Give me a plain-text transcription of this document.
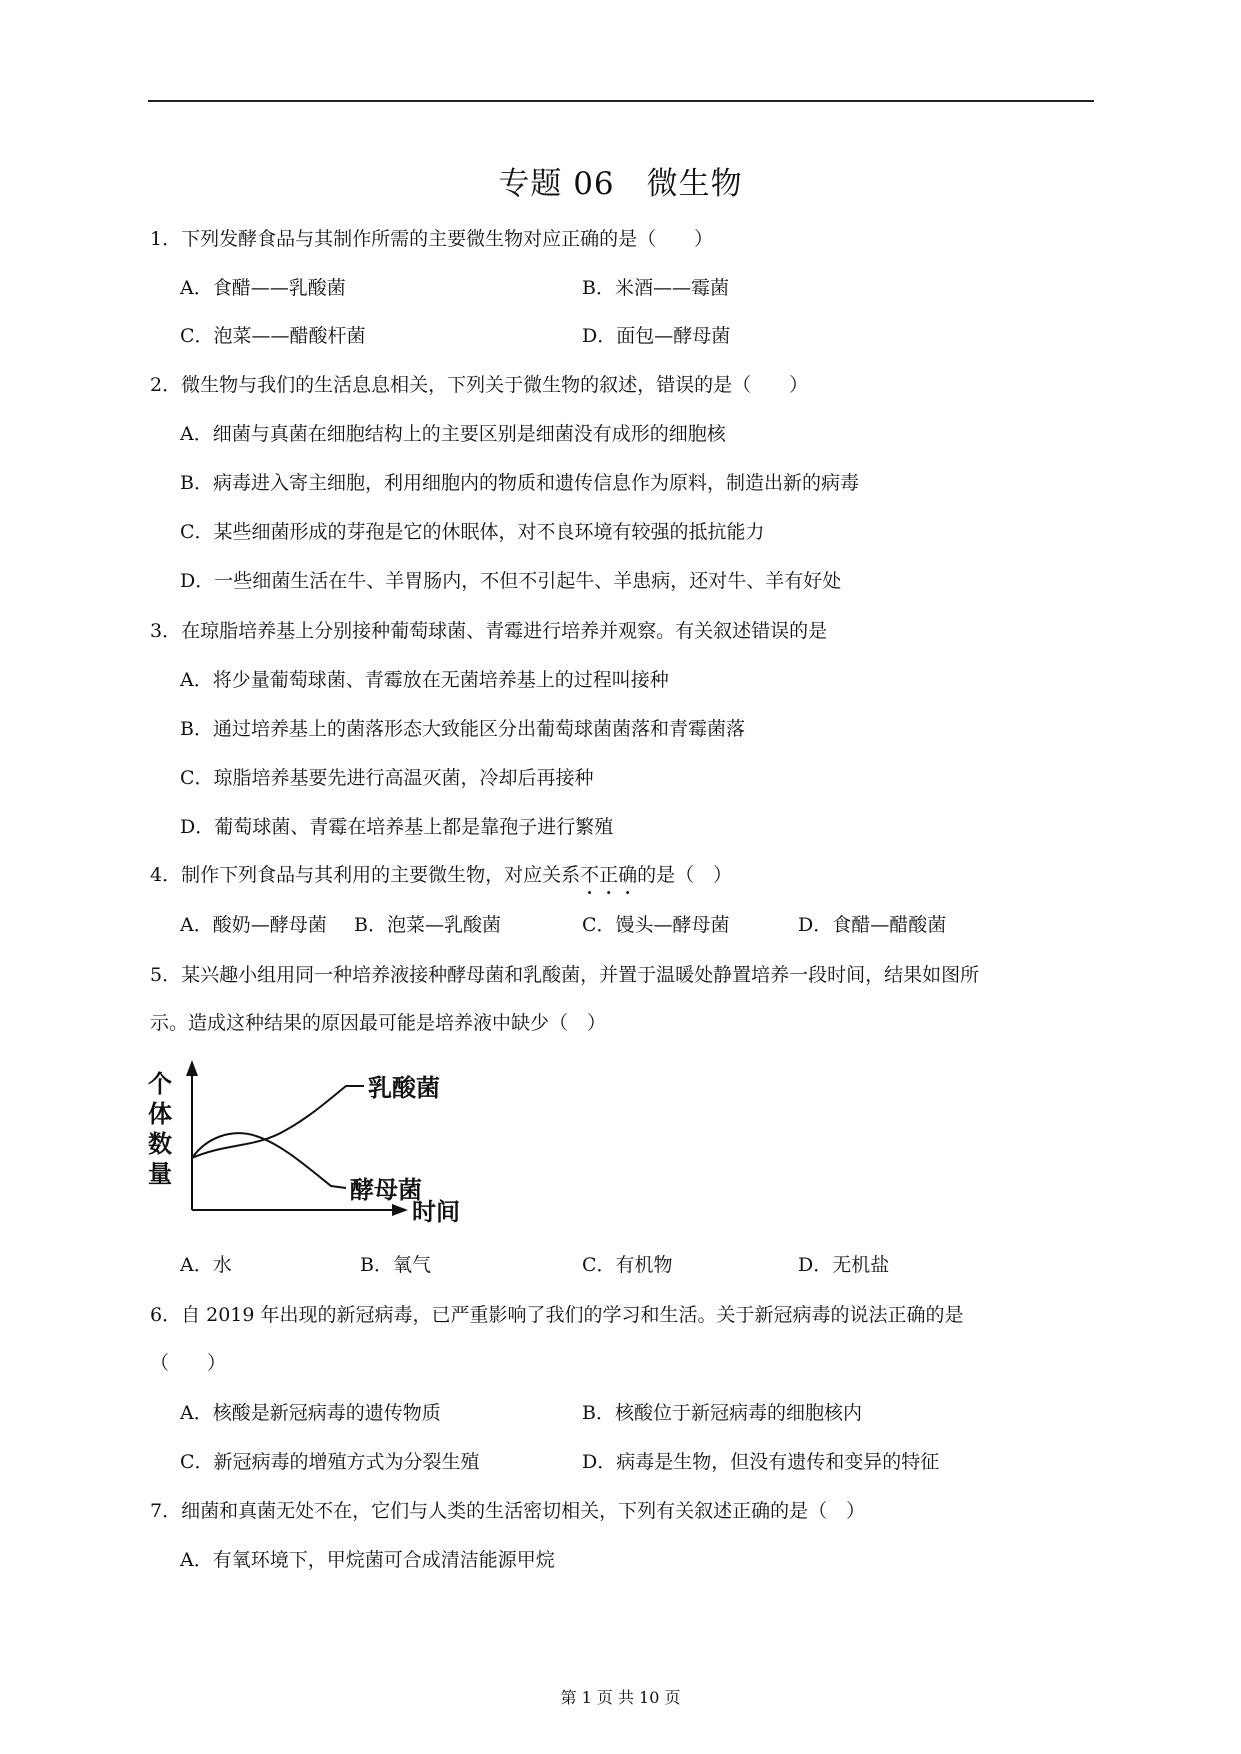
专题 06　微生物
1．下列发酵食品与其制作所需的主要微生物对应正确的是（　　）
A．食醋——乳酸菌	B．米酒——霉菌
C．泡菜——醋酸杆菌	D．面包—酵母菌
2．微生物与我们的生活息息相关，下列关于微生物的叙述，错误的是（　　）
A．细菌与真菌在细胞结构上的主要区别是细菌没有成形的细胞核
B．病毒进入寄主细胞，利用细胞内的物质和遗传信息作为原料，制造出新的病毒
C．某些细菌形成的芽孢是它的休眠体，对不良环境有较强的抵抗能力
D．一些细菌生活在牛、羊胃肠内，不但不引起牛、羊患病，还对牛、羊有好处
3．在琼脂培养基上分别接种葡萄球菌、青霉进行培养并观察。有关叙述错误的是
A．将少量葡萄球菌、青霉放在无菌培养基上的过程叫接种
B．通过培养基上的菌落形态大致能区分出葡萄球菌菌落和青霉菌落
C．琼脂培养基要先进行高温灭菌，冷却后再接种
D．葡萄球菌、青霉在培养基上都是靠孢子进行繁殖
4．制作下列食品与其利用的主要微生物，对应关系不正确的是（　）
A．酸奶—酵母菌 B．泡菜—乳酸菌	C．馒头—酵母菌	D．食醋—醋酸菌
5．某兴趣小组用同一种培养液接种酵母菌和乳酸菌，并置于温暖处静置培养一段时间，结果如图所
示。造成这种结果的原因最可能是培养液中缺少（　）
个
体
数
量
时间
乳酸菌
酵母菌
A．水	B．氧气	C．有机物	D．无机盐
6．自 2019 年出现的新冠病毒，已严重影响了我们的学习和生活。关于新冠病毒的说法正确的是
（　　）
A．核酸是新冠病毒的遗传物质	B．核酸位于新冠病毒的细胞核内
C．新冠病毒的增殖方式为分裂生殖	D．病毒是生物，但没有遗传和变异的特征
7．细菌和真菌无处不在，它们与人类的生活密切相关，下列有关叙述正确的是（　）
A．有氧环境下，甲烷菌可合成清洁能源甲烷
第 1 页 共 10 页
